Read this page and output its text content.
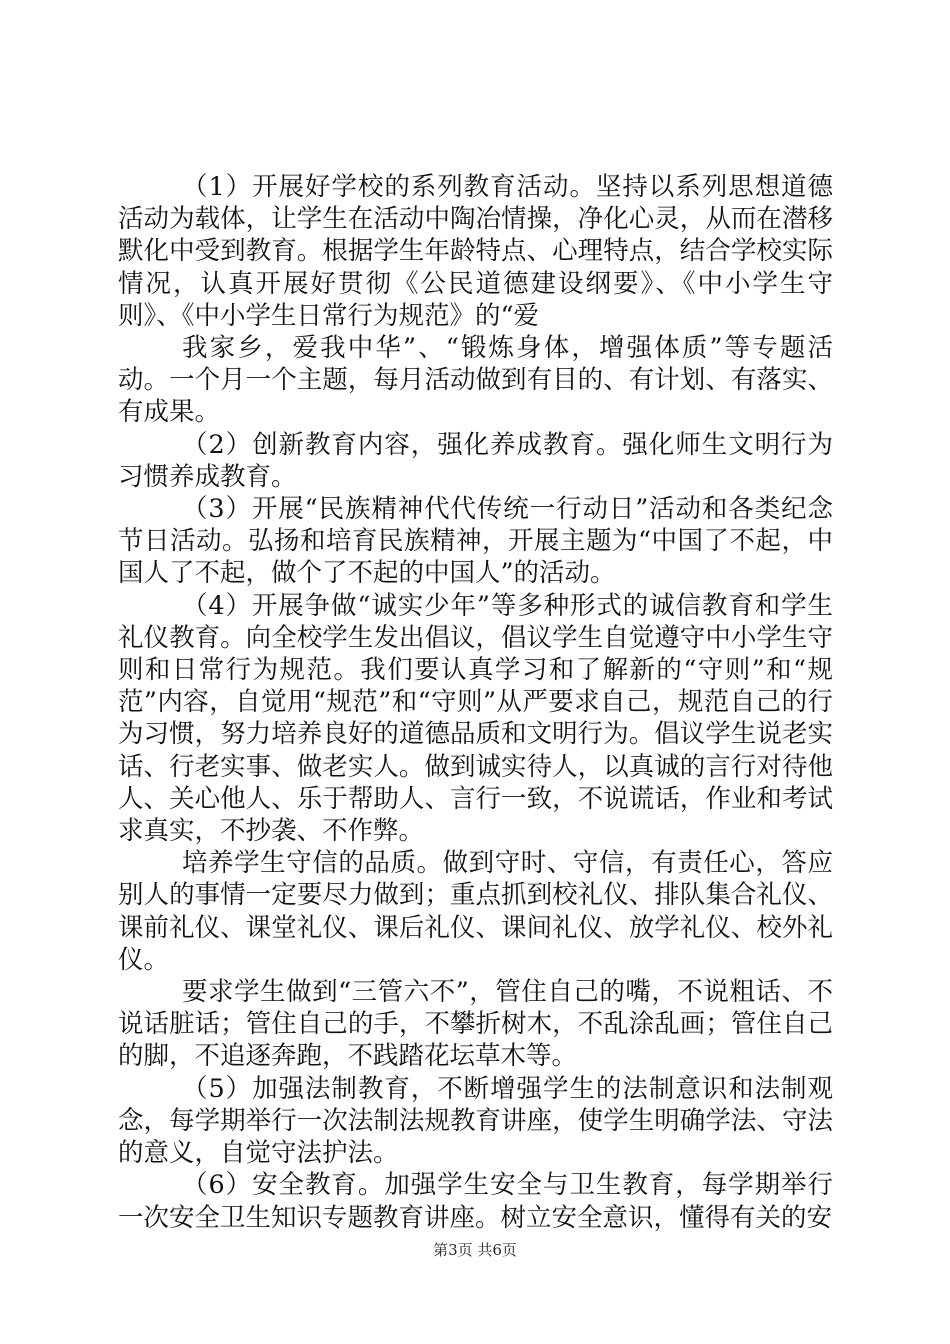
（1）开展好学校的系列教育活动。坚持以系列思想道德活动为载体，让学生在活动中陶冶情操，净化心灵，从而在潜移默化中受到教育。根据学生年龄特点、心理特点，结合学校实际情况，认真开展好贯彻《公民道德建设纲要》、《中小学生守则》、《中小学生日常行为规范》的“爱

我家乡，爱我中华”、“锻炼身体，增强体质”等专题活动。一个月一个主题，每月活动做到有目的、有计划、有落实、有成果。

（2）创新教育内容，强化养成教育。强化师生文明行为习惯养成教育。

（3）开展“民族精神代代传统一行动日”活动和各类纪念节日活动。弘扬和培育民族精神，开展主题为“中国了不起，中国人了不起，做个了不起的中国人”的活动。

（4）开展争做“诚实少年”等多种形式的诚信教育和学生礼仪教育。向全校学生发出倡议，倡议学生自觉遵守中小学生守则和日常行为规范。我们要认真学习和了解新的“守则”和“规范”内容，自觉用“规范”和“守则”从严要求自己，规范自己的行为习惯，努力培养良好的道德品质和文明行为。倡议学生说老实话、行老实事、做老实人。做到诚实待人，以真诚的言行对待他人、关心他人、乐于帮助人、言行一致，不说谎话，作业和考试求真实，不抄袭、不作弊。

培养学生守信的品质。做到守时、守信，有责任心，答应别人的事情一定要尽力做到；重点抓到校礼仪、排队集合礼仪、课前礼仪、课堂礼仪、课后礼仪、课间礼仪、放学礼仪、校外礼仪。

要求学生做到“三管六不”，管住自己的嘴，不说粗话、不说话脏话；管住自己的手，不攀折树木，不乱涂乱画；管住自己的脚，不追逐奔跑，不践踏花坛草木等。

（5）加强法制教育，不断增强学生的法制意识和法制观念，每学期举行一次法制法规教育讲座，使学生明确学法、守法的意义，自觉守法护法。

（6）安全教育。加强学生安全与卫生教育，每学期举行一次安全卫生知识专题教育讲座。树立安全意识，懂得有关的安

第3页 共6页
